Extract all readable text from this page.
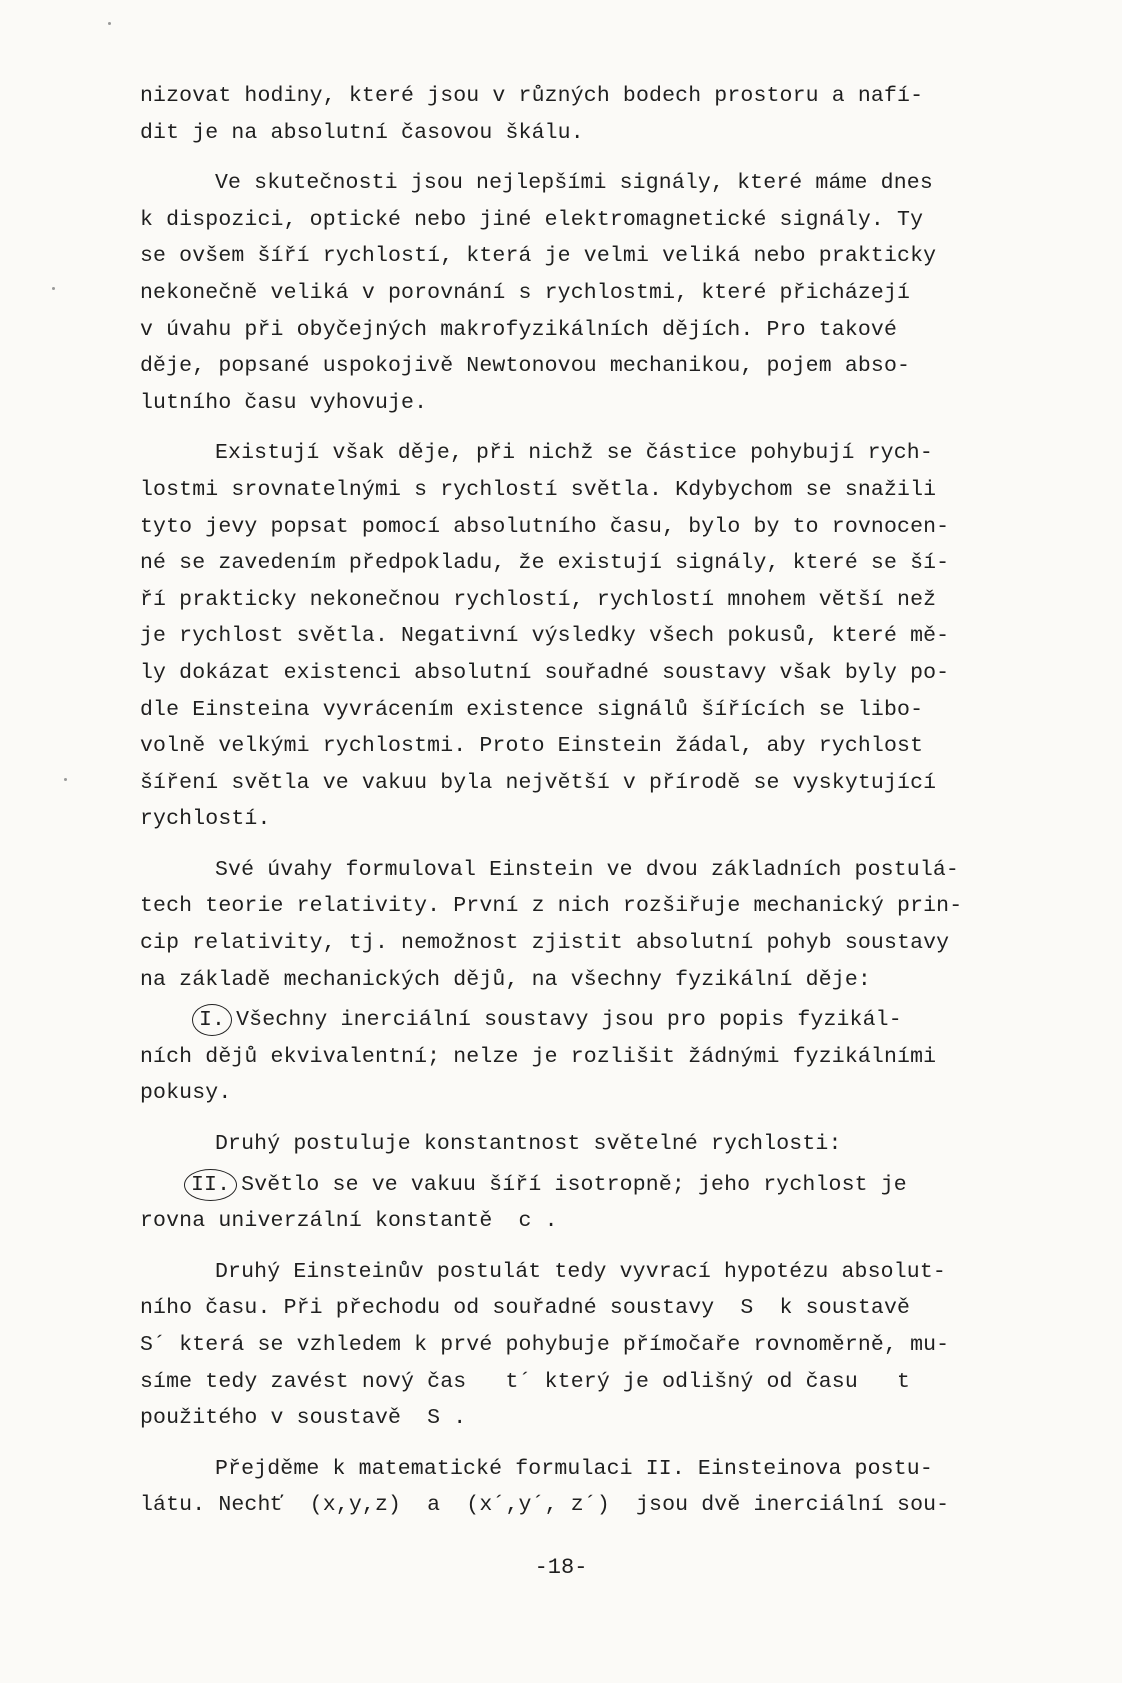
nizovat hodiny, které jsou v různých bodech prostoru a nafí-
dit je na absolutní časovou škálu.
Ve skutečnosti jsou nejlepšími signály, které máme dnes
k dispozici, optické nebo jiné elektromagnetické signály. Ty
se ovšem šíří rychlostí, která je velmi veliká nebo prakticky
nekonečně veliká v porovnání s rychlostmi, které přicházejí
v úvahu při obyčejných makrofyzikálních dějích. Pro takové
děje, popsané uspokojivě Newtonovou mechanikou, pojem abso-
lutního času vyhovuje.
Existují však děje, při nichž se částice pohybují rych-
lostmi srovnatelnými s rychlostí světla. Kdybychom se snažili
tyto jevy popsat pomocí absolutního času, bylo by to rovnocen-
né se zavedením předpokladu, že existují signály, které se ší-
ří prakticky nekonečnou rychlostí, rychlostí mnohem větší než
je rychlost světla. Negativní výsledky všech pokusů, které mě-
ly dokázat existenci absolutní souřadné soustavy však byly po-
dle Einsteina vyvrácením existence signálů šířících se libo-
volně velkými rychlostmi. Proto Einstein žádal, aby rychlost
šíření světla ve vakuu byla největší v přírodě se vyskytující
rychlostí.
Své úvahy formuloval Einstein ve dvou základních postulá-
tech teorie relativity. První z nich rozšiřuje mechanický prin-
cip relativity, tj. nemožnost zjistit absolutní pohyb soustavy
na základě mechanických dějů, na všechny fyzikální děje:
I. Všechny inerciální soustavy jsou pro popis fyzikál-
ních dějů ekvivalentní; nelze je rozlišit žádnými fyzikálními
pokusy.
Druhý postuluje konstantnost světelné rychlosti:
II. Světlo se ve vakuu šíří isotropně; jeho rychlost je
rovna univerzální konstantě  c .
Druhý Einsteinův postulát tedy vyvrací hypotézu absolut-
ního času. Při přechodu od souřadné soustavy  S  k soustavě
S´ která se vzhledem k prvé pohybuje přímočaře rovnoměrně, mu-
síme tedy zavést nový čas   t´ který je odlišný od času   t
použitého v soustavě  S .
Přejděme k matematické formulaci II. Einsteinova postu-
látu. Nechť  (x,y,z)  a  (x´,y´, z´)  jsou dvě inerciální sou-
-18-
